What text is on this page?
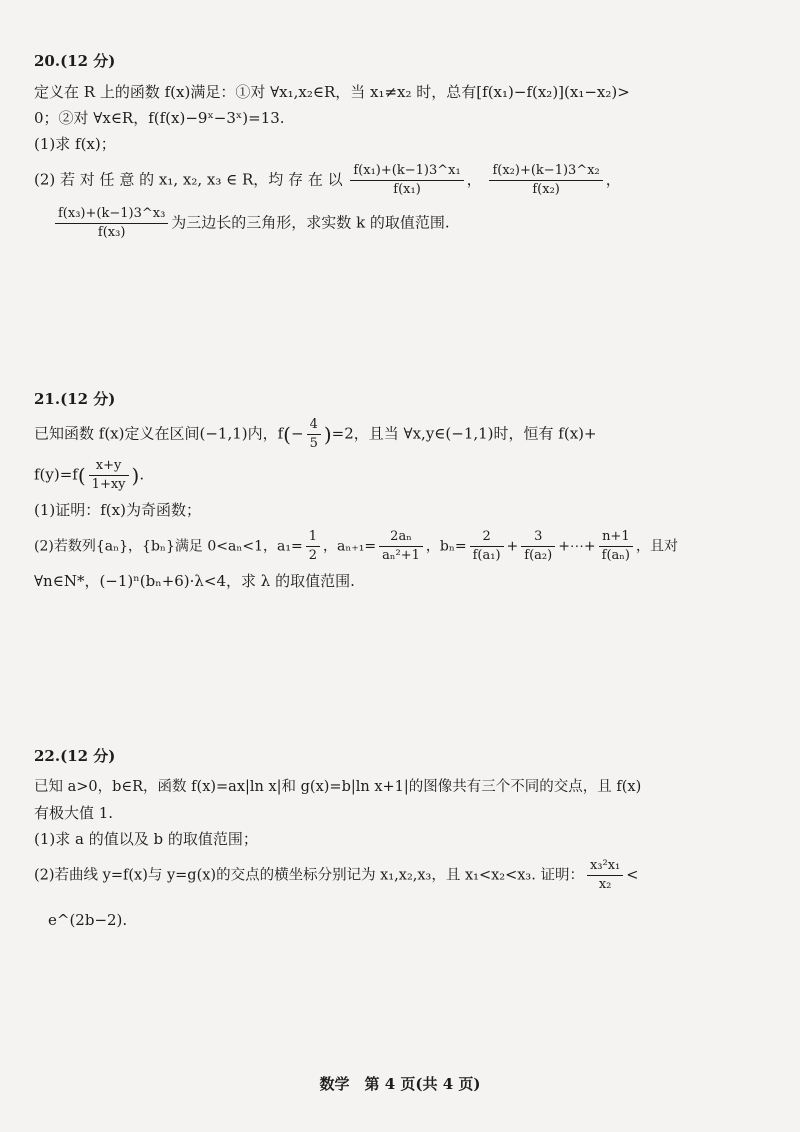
20.(12 分)
定义在 R 上的函数 f(x)满足：①对 ∀x₁,x₂∈R，当 x₁≠x₂ 时，总有[f(x₁)−f(x₂)](x₁−x₂)>
0；②对 ∀x∈R，f(f(x)−9ˣ−3ˣ)=13.
(1)求 f(x)；
(2) 若 对 任 意 的 x₁, x₂, x₃ ∈ R，均 存 在 以 $\frac{\text{f(x₁)+(k−1)3\textasciicircum{}x₁}}{\text{f(x₁)}}$ ， $\frac{\text{f(x₂)+(k−1)3\textasciicircum{}x₂}}{\text{f(x₂)}}$ ，
$\frac{\text{f(x₃)+(k−1)3\textasciicircum{}x₃}}{\text{f(x₃)}}$ 为三边长的三角形，求实数 k 的取值范围.
21.(12 分)
已知函数 f(x)定义在区间(−1,1)内，$f(- \frac{4}{5} )=2$，且当 ∀x,y∈(−1,1)时，恒有 f(x)+
$f(y)=f( \frac{x+y}{1+xy}$ ).
(1)证明：f(x)为奇函数；
(2)若数列{aₙ}，{bₙ}满足 0<aₙ<1，$a_1= \frac{1}{2}$ ，$a_{n+1}= \frac{\text{2aₙ}}{\text{aₙ²+1}}$ ，$b_n= \frac{2}{\text{f(a₁)}} + \frac{3}{\text{f(a₂)}}$ +⋯+ $\frac{n+1}{\text{f(aₙ)}}$ ，且对
∀n∈N*，(−1)ⁿ(bₙ+6)·λ<4，求 λ 的取值范围.
22.(12 分)
已知 a>0，b∈R，函数 f(x)=ax|ln x|和 g(x)=b|ln x+1|的图像共有三个不同的交点，且 f(x)
有极大值 1.
(1)求 a 的值以及 b 的取值范围；
(2)若曲线 y=f(x)与 y=g(x)的交点的横坐标分别记为 x₁,x₂,x₃，且 x₁<x₂<x₃. 证明： $\frac{\text{x₃²x₁}}{\text{x₂}}$ <
e^(2b−2).
数学　第 4 页(共 4 页)
